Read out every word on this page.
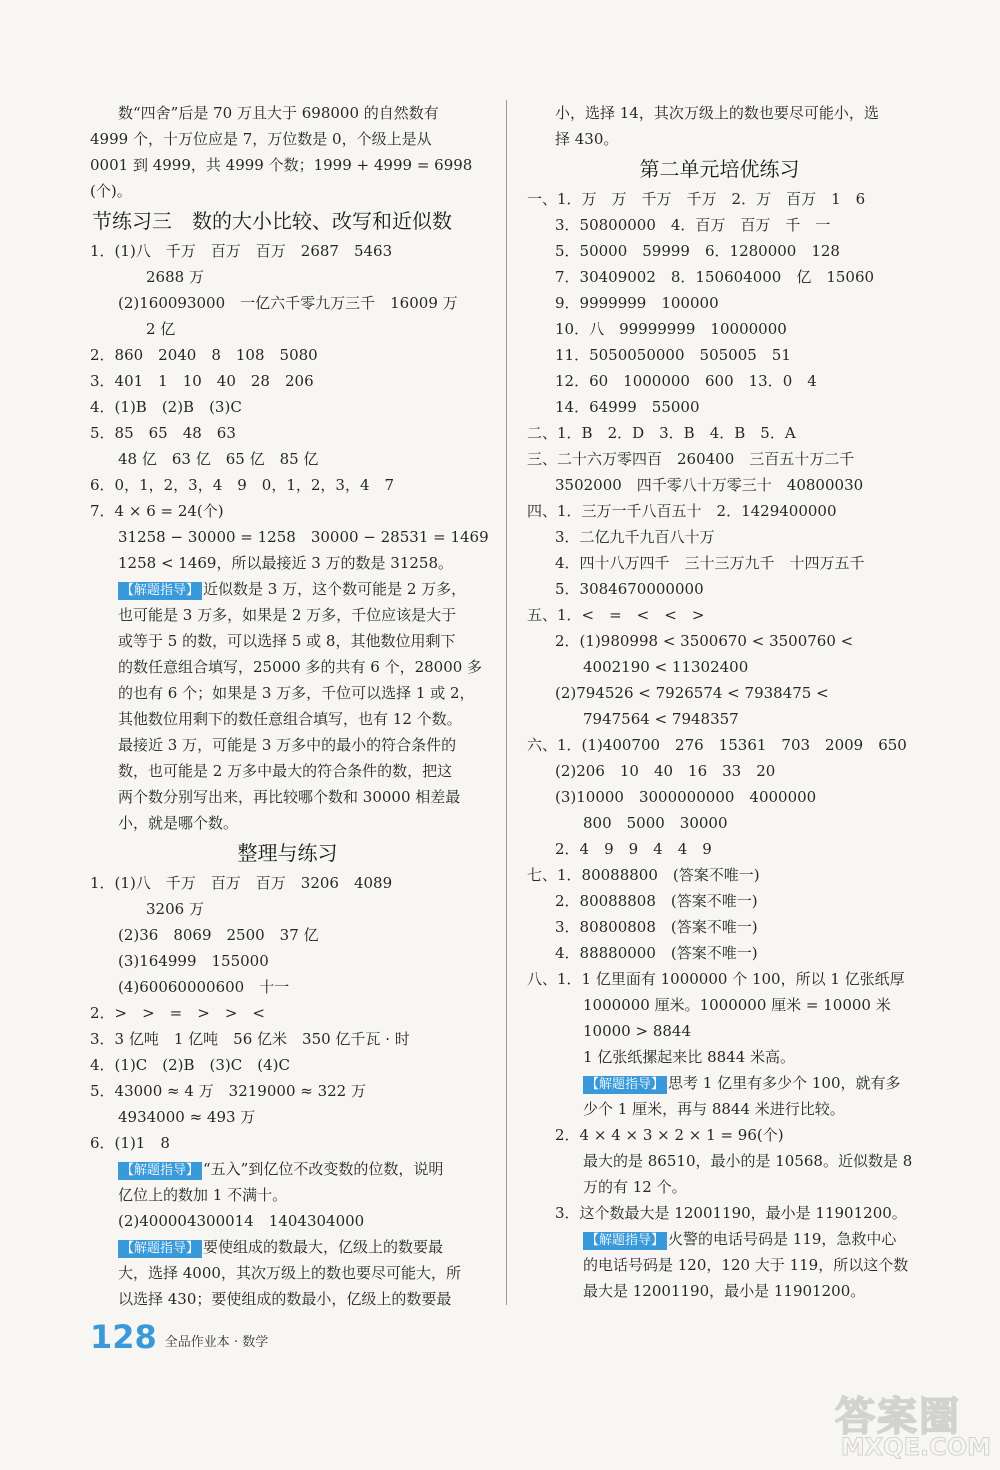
数“四舍”后是 70 万且大于 698000 的自然数有
4999 个，十万位应是 7，万位数是 0，个级上是从
0001 到 4999，共 4999 个数；1999 + 4999 = 6998
(个)。
节练习三　数的大小比较、改写和近似数
1．(1)八　千万　百万　百万　2687　5463
2688 万
(2)160093000　一亿六千零九万三千　16009 万
2 亿
2．860　2040　8　108　5080
3．401　1　10　40　28　206
4．(1)B　(2)B　(3)C
5．85　65　48　63
48 亿　63 亿　65 亿　85 亿
6．0，1，2，3，4　9　0，1，2，3，4　7
7．4 × 6 = 24(个)
31258 − 30000 = 1258　30000 − 28531 = 1469
1258 < 1469，所以最接近 3 万的数是 31258。
【解题指导】 近似数是 3 万，这个数可能是 2 万多，
也可能是 3 万多，如果是 2 万多，千位应该是大于
或等于 5 的数，可以选择 5 或 8，其他数位用剩下
的数任意组合填写，25000 多的共有 6 个，28000 多
的也有 6 个；如果是 3 万多，千位可以选择 1 或 2，
其他数位用剩下的数任意组合填写，也有 12 个数。
最接近 3 万，可能是 3 万多中的最小的符合条件的
数，也可能是 2 万多中最大的符合条件的数，把这
两个数分别写出来，再比较哪个数和 30000 相差最
小，就是哪个数。
整理与练习
1．(1)八　千万　百万　百万　3206　4089
3206 万
(2)36　8069　2500　37 亿
(3)164999　155000
(4)60060000600　十一
2．>　>　=　>　>　<
3．3 亿吨　1 亿吨　56 亿米　350 亿千瓦 · 时
4．(1)C　(2)B　(3)C　(4)C
5．43000 ≈ 4 万　3219000 ≈ 322 万
4934000 ≈ 493 万
6．(1)1　8
【解题指导】 “五入”到亿位不改变数的位数，说明
亿位上的数加 1 不满十。
(2)400004300014　1404304000
【解题指导】 要使组成的数最大，亿级上的数要最
大，选择 4000，其次万级上的数也要尽可能大，所
以选择 430；要使组成的数最小，亿级上的数要最
小，选择 14，其次万级上的数也要尽可能小，选
择 430。
第二单元培优练习
一、1．万　万　千万　千万　2．万　百万　1　6
3．50800000　4．百万　百万　千　一
5．50000　59999　6．1280000　128
7．30409002　8．150604000　亿　15060
9．9999999　100000
10．八　99999999　10000000
11．5050050000　505005　51
12．60　1000000　600　13．0　4
14．64999　55000
二、1．B　2．D　3．B　4．B　5．A
三、二十六万零四百　260400　三百五十万二千
3502000　四千零八十万零三十　40800030
四、1．三万一千八百五十　2．1429400000
3．二亿九千九百八十万
4．四十八万四千　三十三万九千　十四万五千
5．3084670000000
五、1．<　=　<　<　>
2．(1)980998 < 3500670 < 3500760 <
4002190 < 11302400
(2)794526 < 7926574 < 7938475 <
7947564 < 7948357
六、1．(1)400700　276　15361　703　2009　650
(2)206　10　40　16　33　20
(3)10000　3000000000　4000000
800　5000　30000
2．4　9　9　4　4　9
七、1．80088800　(答案不唯一)
2．80088808　(答案不唯一)
3．80800808　(答案不唯一)
4．88880000　(答案不唯一)
八、1．1 亿里面有 1000000 个 100，所以 1 亿张纸厚
1000000 厘米。1000000 厘米 = 10000 米
10000 > 8844
1 亿张纸摞起来比 8844 米高。
【解题指导】 思考 1 亿里有多少个 100，就有多
少个 1 厘米，再与 8844 米进行比较。
2．4 × 4 × 3 × 2 × 1 = 96(个)
最大的是 86510，最小的是 10568。近似数是 8
万的有 12 个。
3．这个数最大是 12001190，最小是 11901200。
【解题指导】 火警的电话号码是 119，急救中心
的电话号码是 120，120 大于 119，所以这个数
最大是 12001190，最小是 11901200。
128 全品作业本 · 数学
答案圈
MXQE.COM
